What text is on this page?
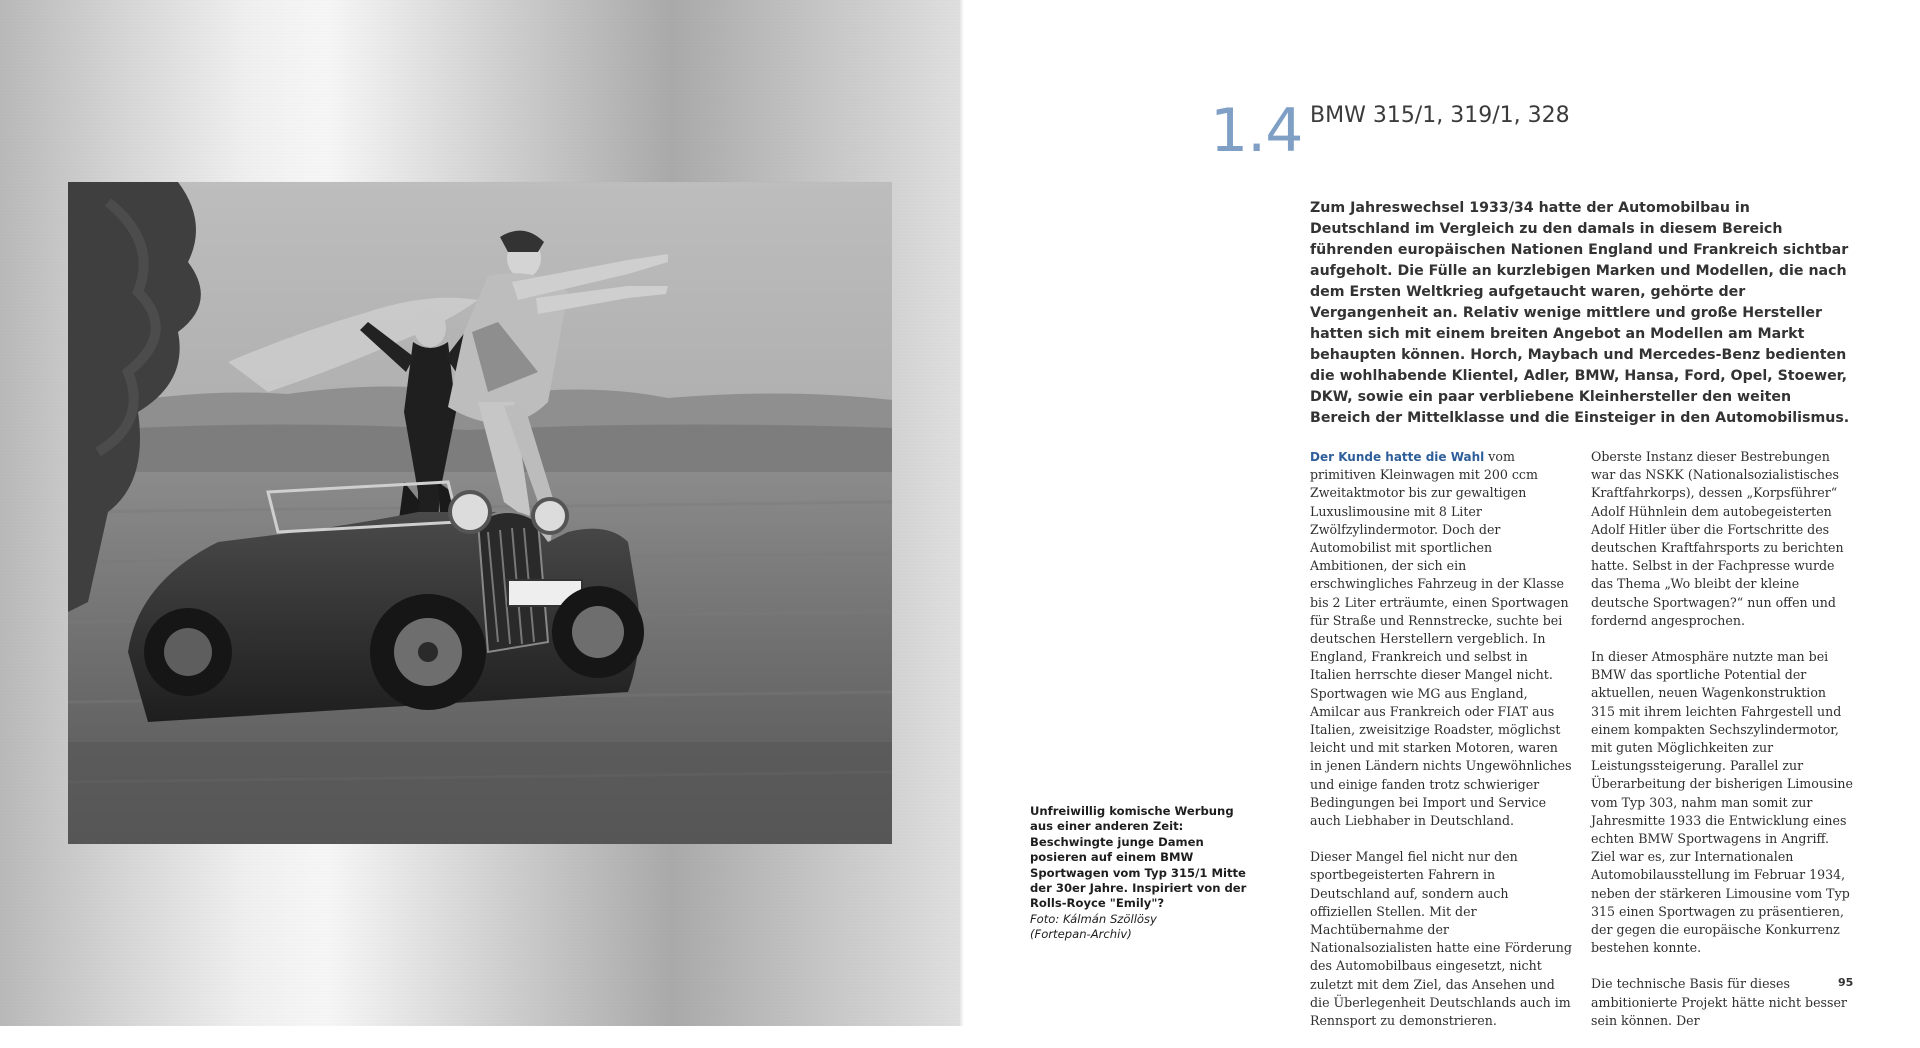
1.4 BMW 315/1, 319/1, 328

Zum Jahreswechsel 1933/34 hatte der Automobilbau in Deutschland im Vergleich zu den damals in diesem Bereich führenden europäischen Nationen England und Frankreich sichtbar aufgeholt. Die Fülle an kurzlebigen Marken und Modellen, die nach dem Ersten Weltkrieg aufgetaucht waren, gehörte der Vergangenheit an. Relativ wenige mittlere und große Hersteller hatten sich mit einem breiten Angebot an Modellen am Markt behaupten können. Horch, Maybach und Mercedes-Benz bedienten die wohlhabende Klientel, Adler, BMW, Hansa, Ford, Opel, Stoewer, DKW, sowie ein paar verbliebene Kleinhersteller den weiten Bereich der Mittelklasse und die Einsteiger in den Automobilismus.

Der Kunde hatte die Wahl vom primitiven Kleinwagen mit 200 ccm Zweitaktmotor bis zur gewaltigen Luxuslimousine mit 8 Liter Zwölfzylindermotor. Doch der Automobilist mit sportlichen Ambitionen, der sich ein erschwingliches Fahrzeug in der Klasse bis 2 Liter erträumte, einen Sportwagen für Straße und Rennstrecke, suchte bei deutschen Herstellern vergeblich. In England, Frankreich und selbst in Italien herrschte dieser Mangel nicht. Sportwagen wie MG aus England, Amilcar aus Frankreich oder FIAT aus Italien, zweisitzige Roadster, möglichst leicht und mit starken Motoren, waren in jenen Ländern nichts Ungewöhnliches und einige fanden trotz schwieriger Bedingungen bei Import und Service auch Liebhaber in Deutschland.

Dieser Mangel fiel nicht nur den sportbegeisterten Fahrern in Deutschland auf, sondern auch offiziellen Stellen. Mit der Machtübernahme der Nationalsozialisten hatte eine Förderung des Automobilbaus eingesetzt, nicht zuletzt mit dem Ziel, das Ansehen und die Überlegenheit Deutschlands auch im Rennsport zu demonstrieren.

Oberste Instanz dieser Bestrebungen war das NSKK (Nationalsozialistisches Kraftfahrkorps), dessen „Korpsführer“ Adolf Hühnlein dem autobegeisterten Adolf Hitler über die Fortschritte des deutschen Kraftfahrsports zu berichten hatte. Selbst in der Fachpresse wurde das Thema „Wo bleibt der kleine deutsche Sportwagen?“ nun offen und fordernd angesprochen.

In dieser Atmosphäre nutzte man bei BMW das sportliche Potential der aktuellen, neuen Wagenkonstruktion 315 mit ihrem leichten Fahrgestell und einem kompakten Sechszylindermotor, mit guten Möglichkeiten zur Leistungssteigerung. Parallel zur Überarbeitung der bisherigen Limousine vom Typ 303, nahm man somit zur Jahresmitte 1933 die Entwicklung eines echten BMW Sportwagens in Angriff. Ziel war es, zur Internationalen Automobilausstellung im Februar 1934, neben der stärkeren Limousine vom Typ 315 einen Sportwagen zu präsentieren, der gegen die europäische Konkurrenz bestehen konnte.

Die technische Basis für dieses ambitionierte Projekt hätte nicht besser sein können. Der

Unfreiwillig komische Werbung aus einer anderen Zeit: Beschwingte junge Damen posieren auf einem BMW Sportwagen vom Typ 315/1 Mitte der 30er Jahre. Inspiriert von der Rolls-Royce "Emily"?
Foto: Kálmán Szöllösy
(Fortepan-Archiv)
95
